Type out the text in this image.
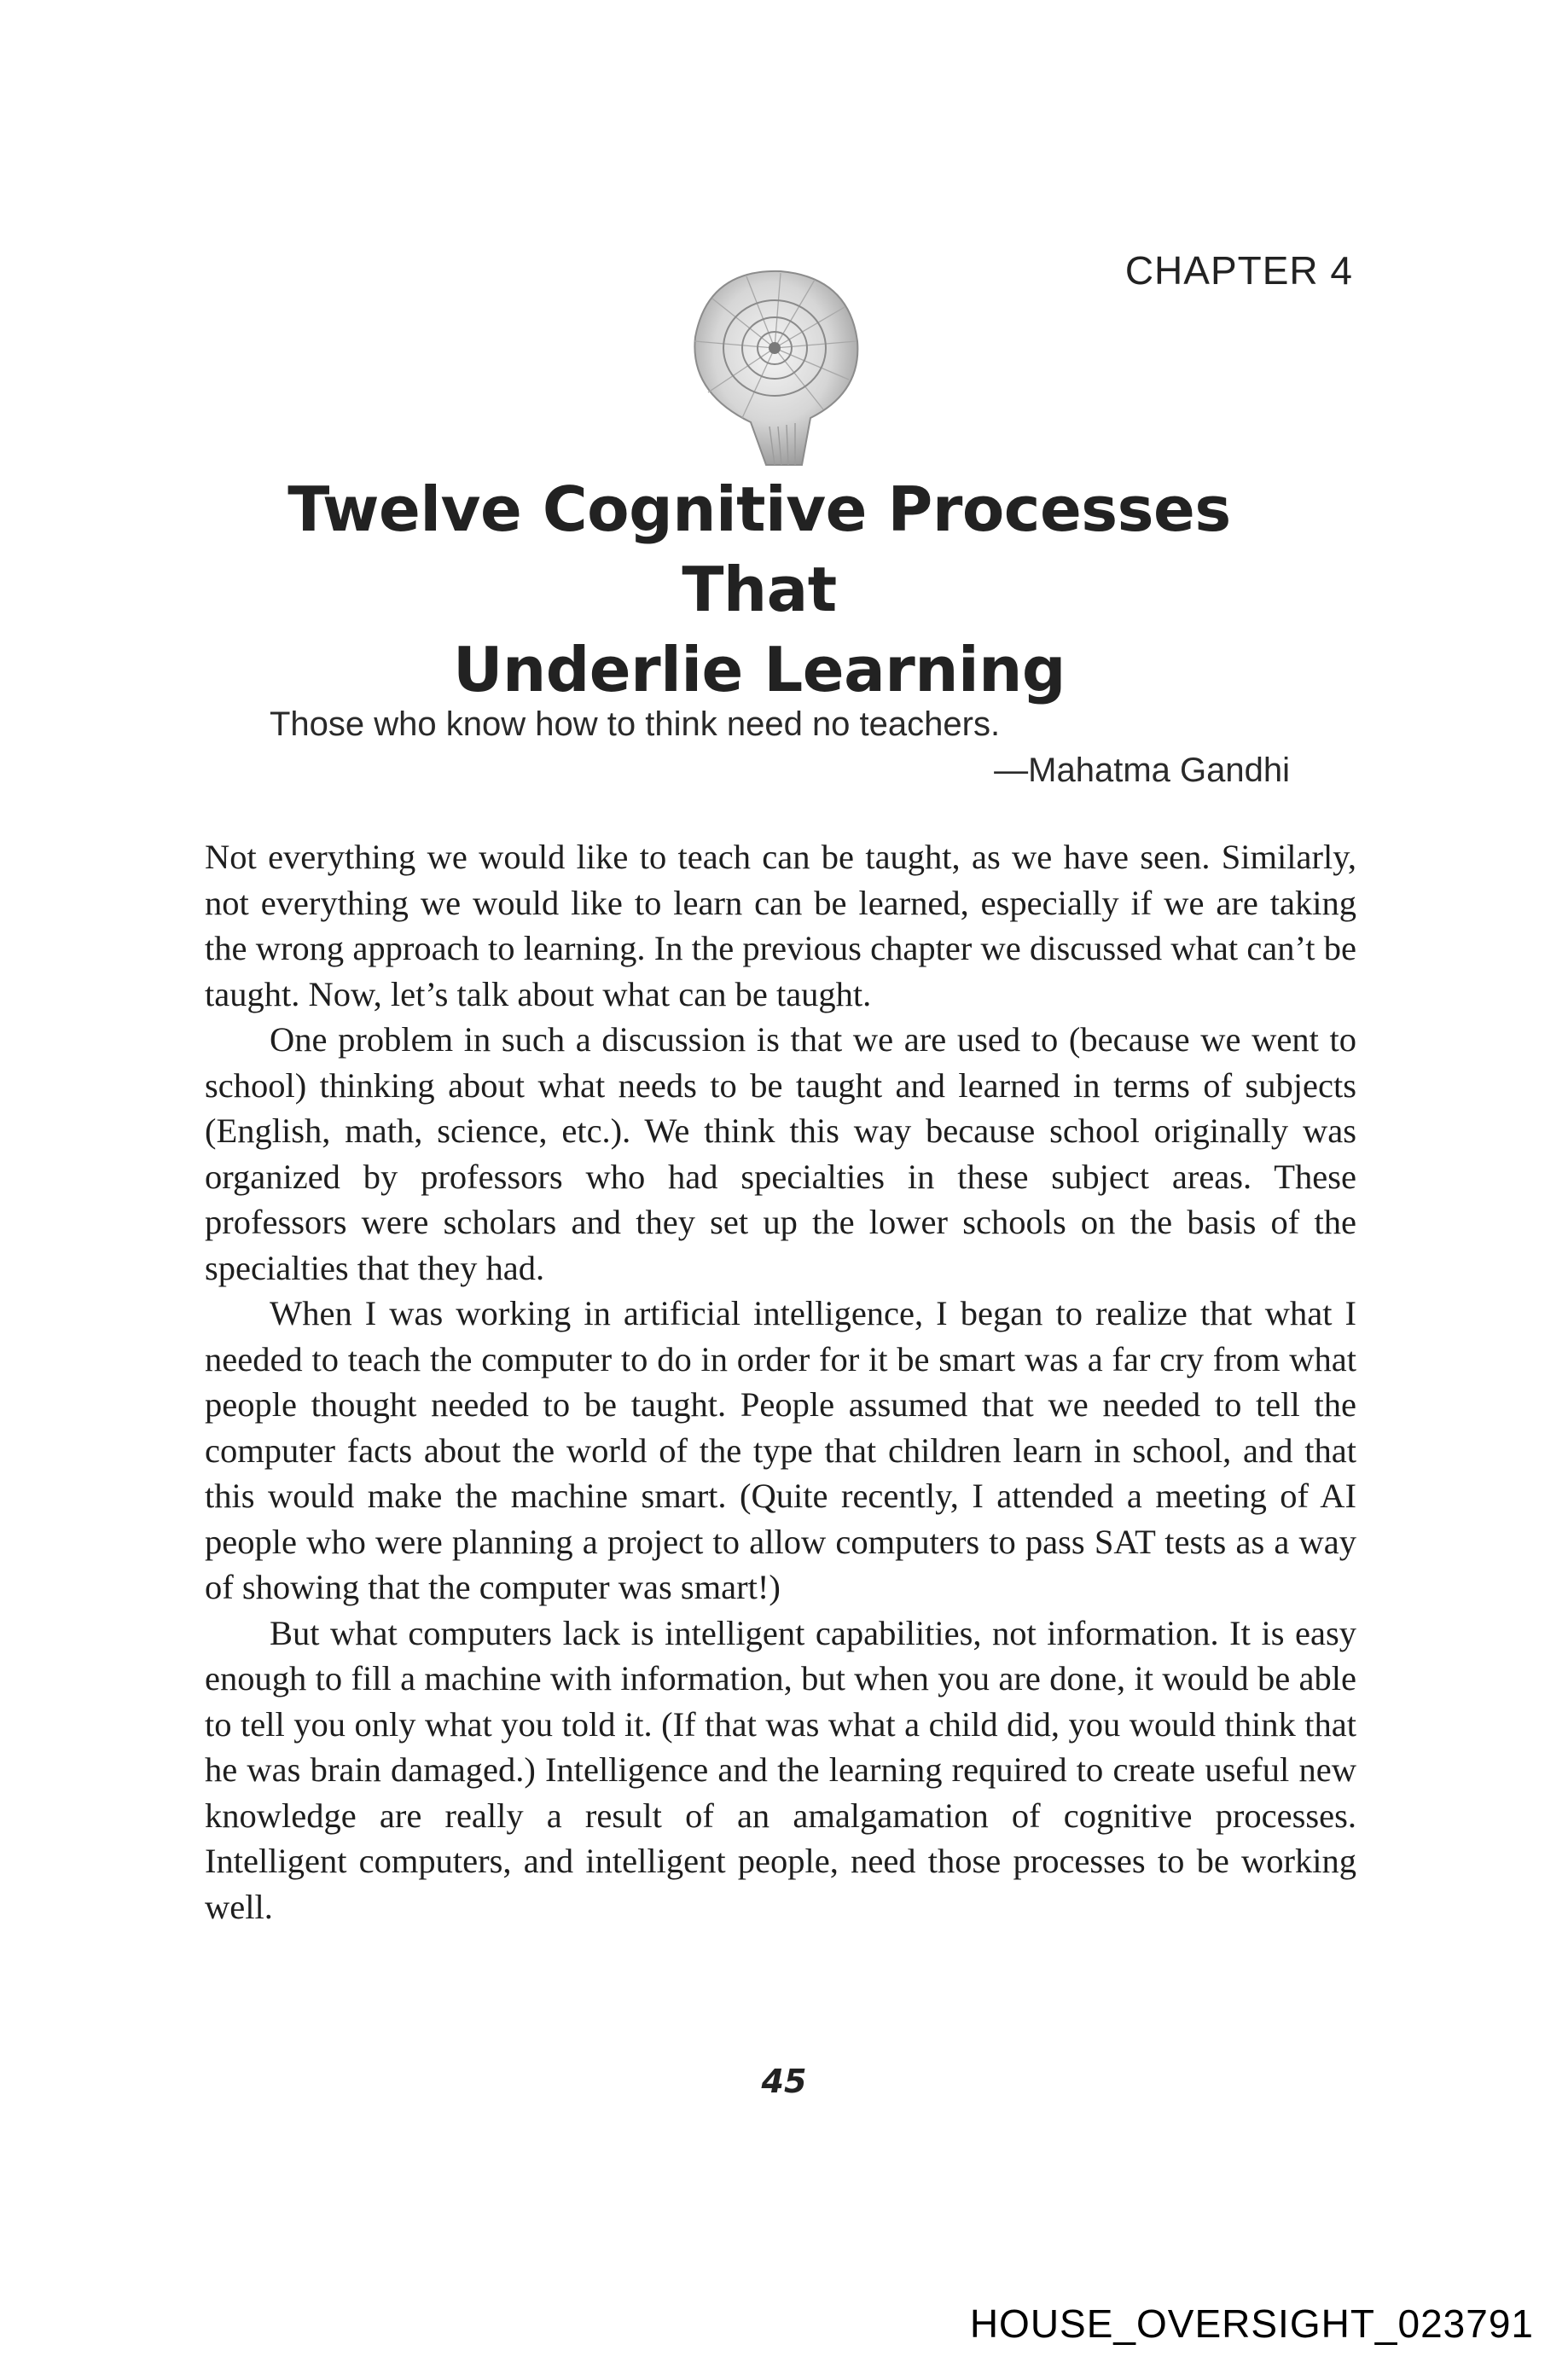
CHAPTER 4
Twelve Cognitive Processes That
Underlie Learning
Those who know how to think need no teachers.
—Mahatma Gandhi

Not everything we would like to teach can be taught, as we have seen. Similarly, not everything we would like to learn can be learned, especially if we are taking the wrong approach to learning. In the previous chapter we discussed what can’t be taught. Now, let’s talk about what can be taught.

One problem in such a discussion is that we are used to (because we went to school) thinking about what needs to be taught and learned in terms of subjects (English, math, science, etc.). We think this way because school originally was organized by professors who had specialties in these subject areas. These professors were scholars and they set up the lower schools on the basis of the specialties that they had.

When I was working in artificial intelligence, I began to realize that what I needed to teach the computer to do in order for it be smart was a far cry from what people thought needed to be taught. People assumed that we needed to tell the computer facts about the world of the type that children learn in school, and that this would make the machine smart. (Quite recently, I attended a meeting of AI people who were planning a project to allow computers to pass SAT tests as a way of showing that the computer was smart!)

But what computers lack is intelligent capabilities, not information. It is easy enough to fill a machine with information, but when you are done, it would be able to tell you only what you told it. (If that was what a child did, you would think that he was brain damaged.) Intelligence and the learning required to create useful new knowledge are really a result of an amalgamation of cognitive processes. Intelligent computers, and intelligent people, need those processes to be working well.

45
HOUSE_OVERSIGHT_023791
